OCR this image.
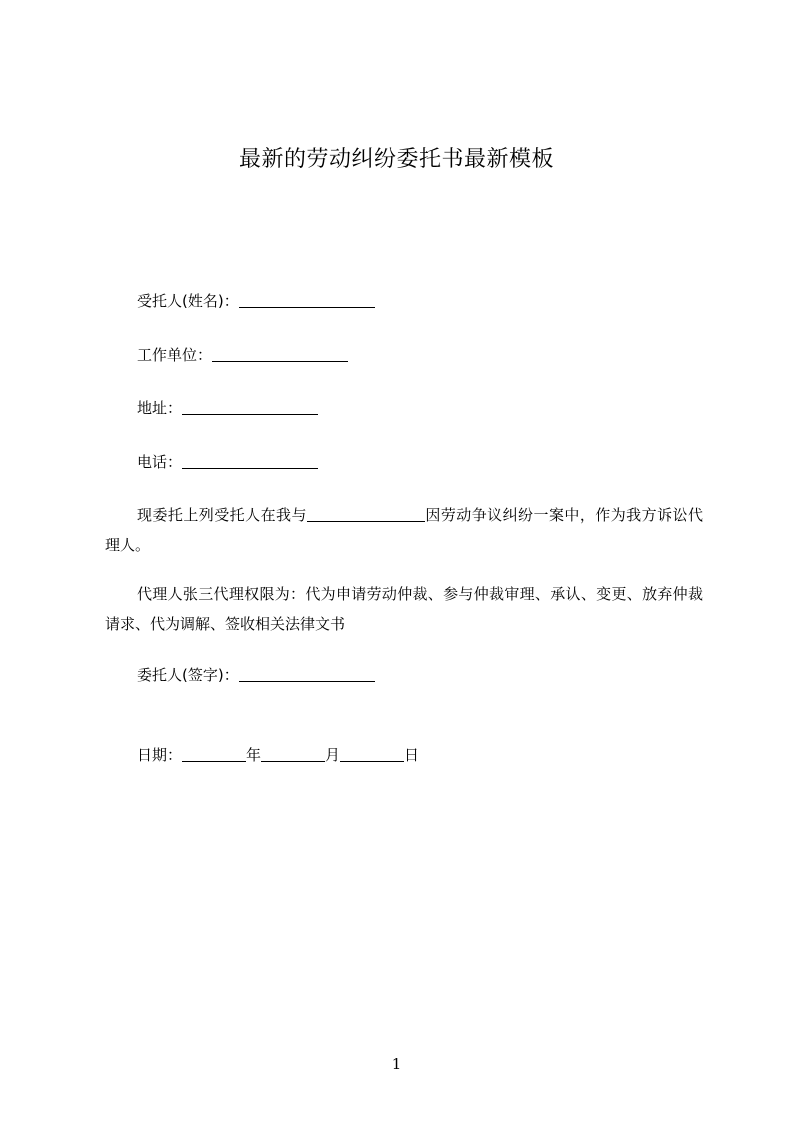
最新的劳动纠纷委托书最新模板
受托人(姓名)：
工作单位：
地址：
电话：
现委托上列受托人在我与	因劳动争议纠纷一案中，作为我方诉讼代理人。
代理人张三代理权限为：代为申请劳动仲裁、参与仲裁审理、承认、变更、放弃仲裁请求、代为调解、签收相关法律文书
委托人(签字)：
日期：	年	月	日
1
